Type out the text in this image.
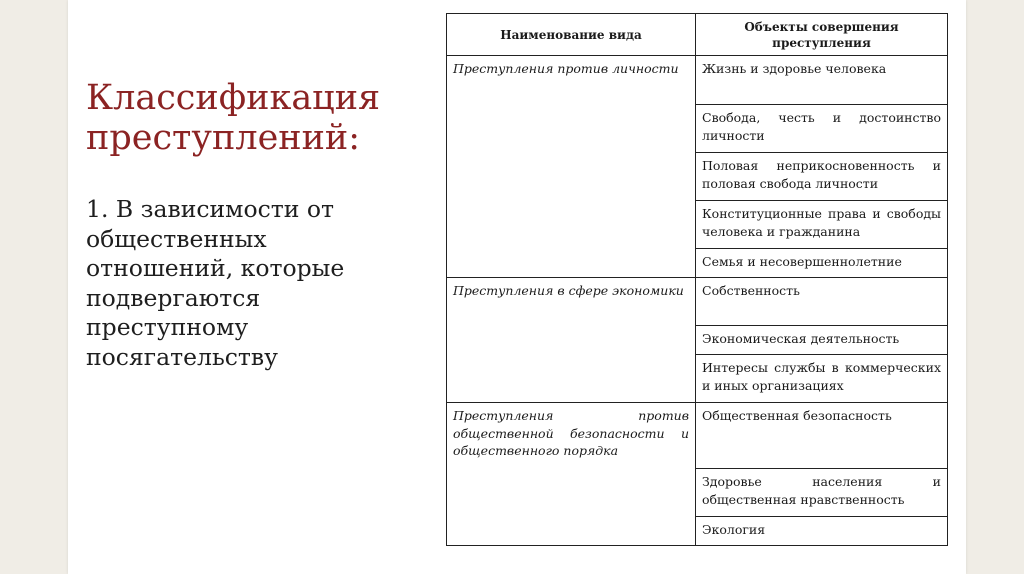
Классификация преступлений:
1. В зависимости от общественных отношений, которые подвергаются преступному посягательству
Наименование вида	Объекты совершения преступления
Преступления против личности	Жизнь и здоровье человека
	Свобода, честь и достоинство личности
	Половая неприкосновенность и половая свобода личности
	Конституционные права и свободы человека и гражданина
	Семья и несовершеннолетние
Преступления в сфере экономики	Собственность
	Экономическая деятельность
	Интересы службы в коммерческих и иных организациях
Преступления против общественной безопасности и общественного порядка	Общественная безопасность
	Здоровье населения и общественная нравственность
	Экология
